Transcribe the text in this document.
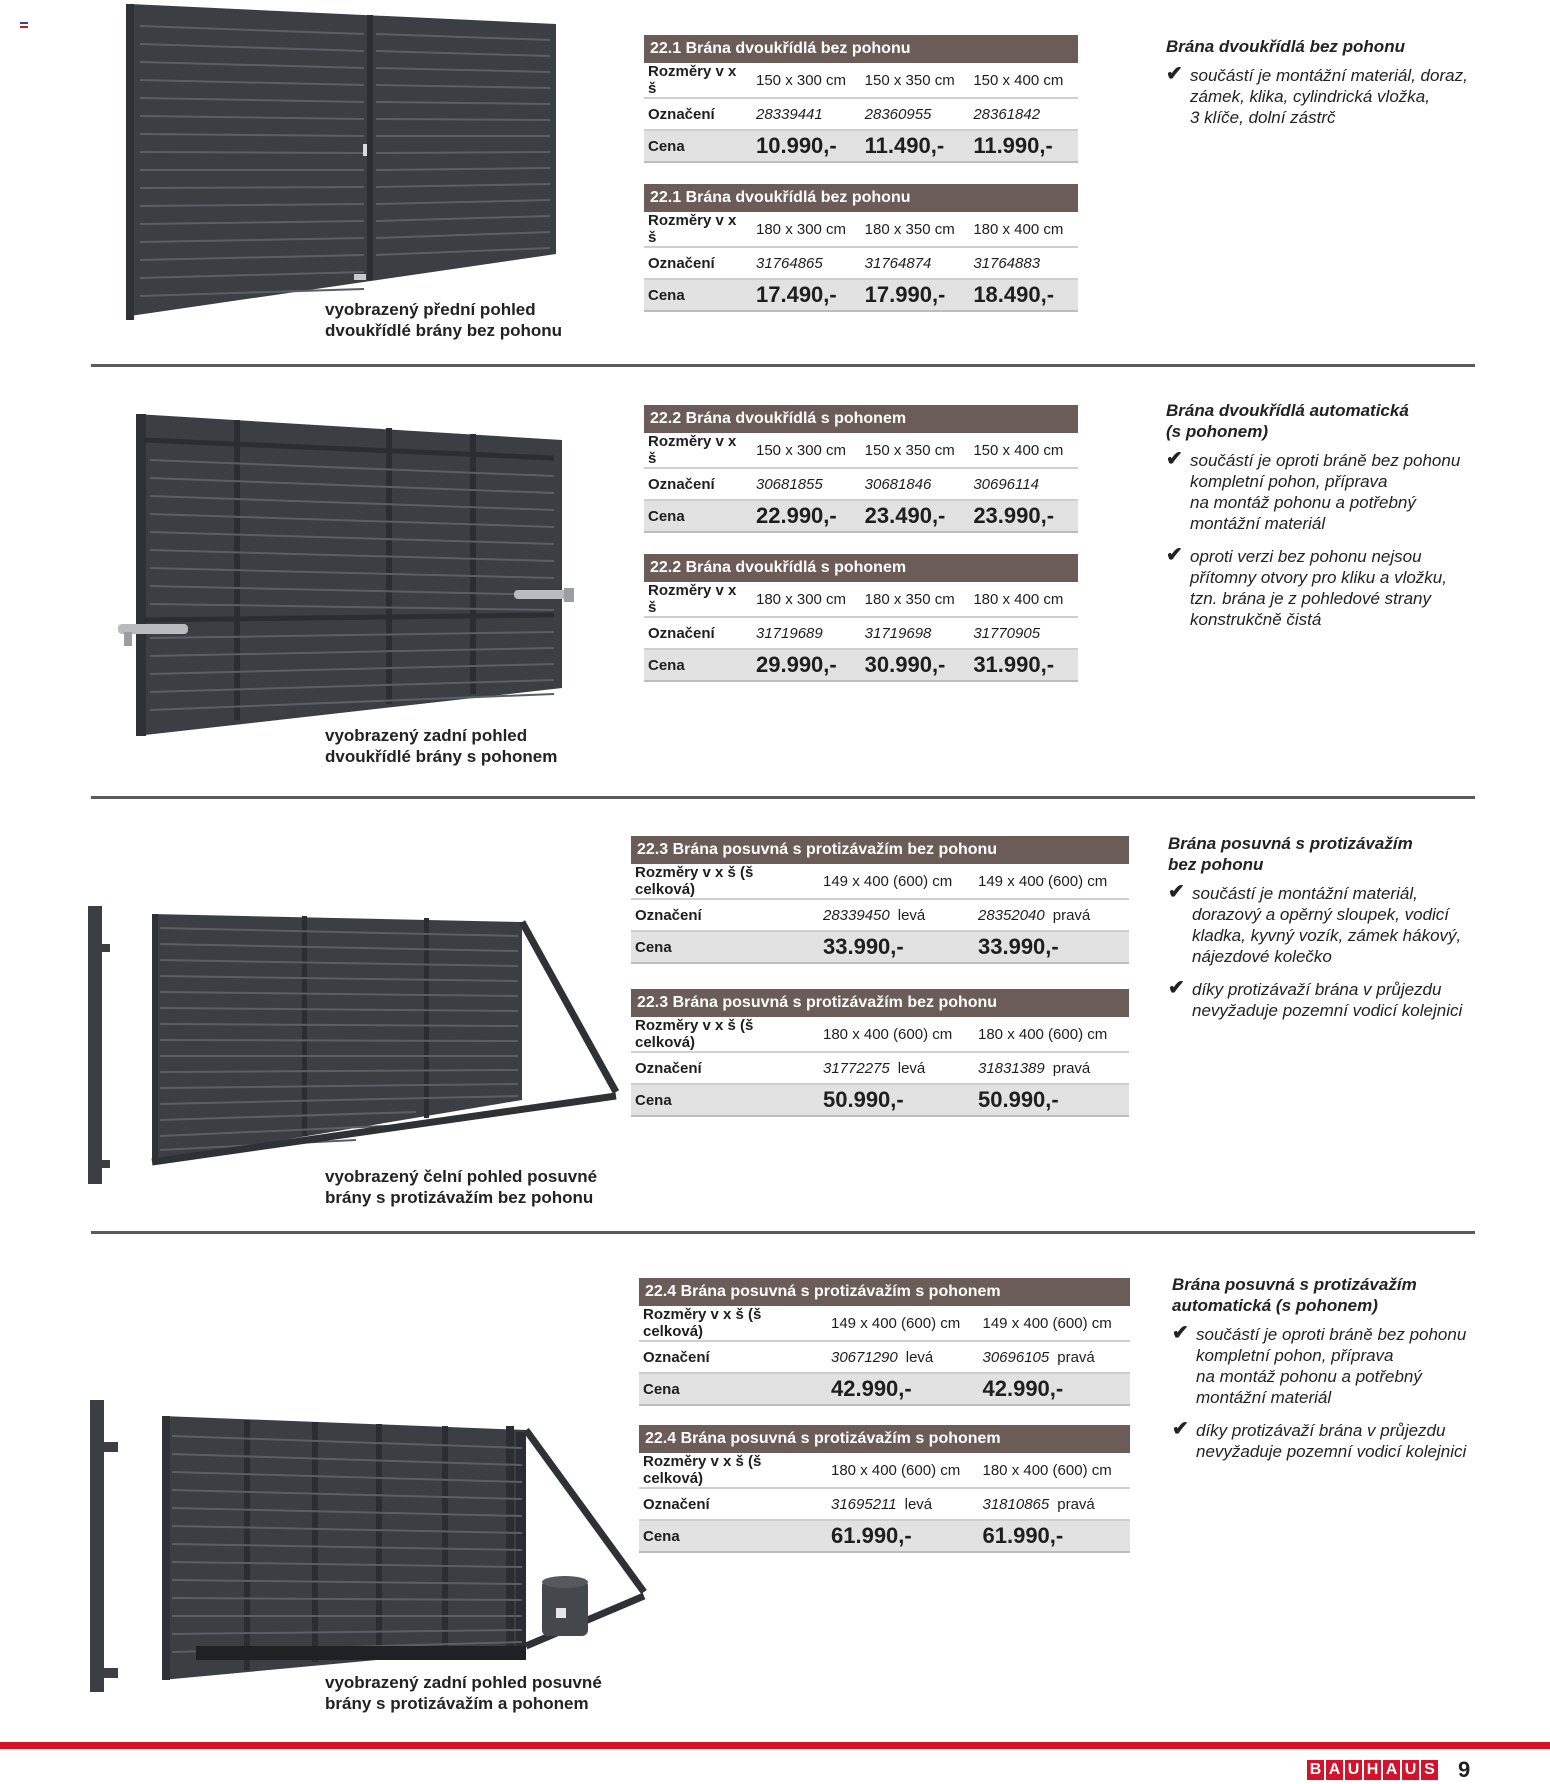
vyobrazený přední pohled
dvoukřídlé brány bez pohonu
22.1 Brána dvoukřídlá bez pohonu			
Rozměry v x š	150 x 300 cm	150 x 350 cm	150 x 400 cm
Označení	28339441	28360955	28361842
Cena	10.990,-	11.490,-	11.990,-
22.1 Brána dvoukřídlá bez pohonu			
Rozměry v x š	180 x 300 cm	180 x 350 cm	180 x 400 cm
Označení	31764865	31764874	31764883
Cena	17.490,-	17.990,-	18.490,-
Brána dvoukřídlá bez pohonu
✔ součástí je montážní materiál, doraz,
zámek, klika, cylindrická vložka,
3 klíče, dolní zástrč
vyobrazený zadní pohled
dvoukřídlé brány s pohonem
22.2 Brána dvoukřídlá s pohonem			
Rozměry v x š	150 x 300 cm	150 x 350 cm	150 x 400 cm
Označení	30681855	30681846	30696114
Cena	22.990,-	23.490,-	23.990,-
22.2 Brána dvoukřídlá s pohonem			
Rozměry v x š	180 x 300 cm	180 x 350 cm	180 x 400 cm
Označení	31719689	31719698	31770905
Cena	29.990,-	30.990,-	31.990,-
Brána dvoukřídlá automatická
(s pohonem)
✔ součástí je oproti bráně bez pohonu
kompletní pohon, příprava
na montáž pohonu a potřebný
montážní materiál
✔ oproti verzi bez pohonu nejsou
přítomny otvory pro kliku a vložku,
tzn. brána je z pohledové strany
konstrukčně čistá
vyobrazený čelní pohled posuvné
brány s protizávažím bez pohonu
22.3 Brána posuvná s protizávažím bez pohonu		
Rozměry v x š (š celková)	149 x 400 (600) cm	149 x 400 (600) cm
Označení	28339450 levá	28352040 pravá
Cena	33.990,-	33.990,-
22.3 Brána posuvná s protizávažím bez pohonu		
Rozměry v x š (š celková)	180 x 400 (600) cm	180 x 400 (600) cm
Označení	31772275 levá	31831389 pravá
Cena	50.990,-	50.990,-
Brána posuvná s protizávažím
bez pohonu
✔ součástí je montážní materiál,
dorazový a opěrný sloupek, vodicí
kladka, kyvný vozík, zámek hákový,
nájezdové kolečko
✔ díky protizávaží brána v průjezdu
nevyžaduje pozemní vodicí kolejnici
vyobrazený zadní pohled posuvné
brány s protizávažím a pohonem
22.4 Brána posuvná s protizávažím s pohonem		
Rozměry v x š (š celková)	149 x 400 (600) cm	149 x 400 (600) cm
Označení	30671290 levá	30696105 pravá
Cena	42.990,-	42.990,-
22.4 Brána posuvná s protizávažím s pohonem		
Rozměry v x š (š celková)	180 x 400 (600) cm	180 x 400 (600) cm
Označení	31695211 levá	31810865 pravá
Cena	61.990,-	61.990,-
Brána posuvná s protizávažím
automatická (s pohonem)
✔ součástí je oproti bráně bez pohonu
kompletní pohon, příprava
na montáž pohonu a potřebný
montážní materiál
✔ díky protizávaží brána v průjezdu
nevyžaduje pozemní vodicí kolejnici
B A U H A U S 9
